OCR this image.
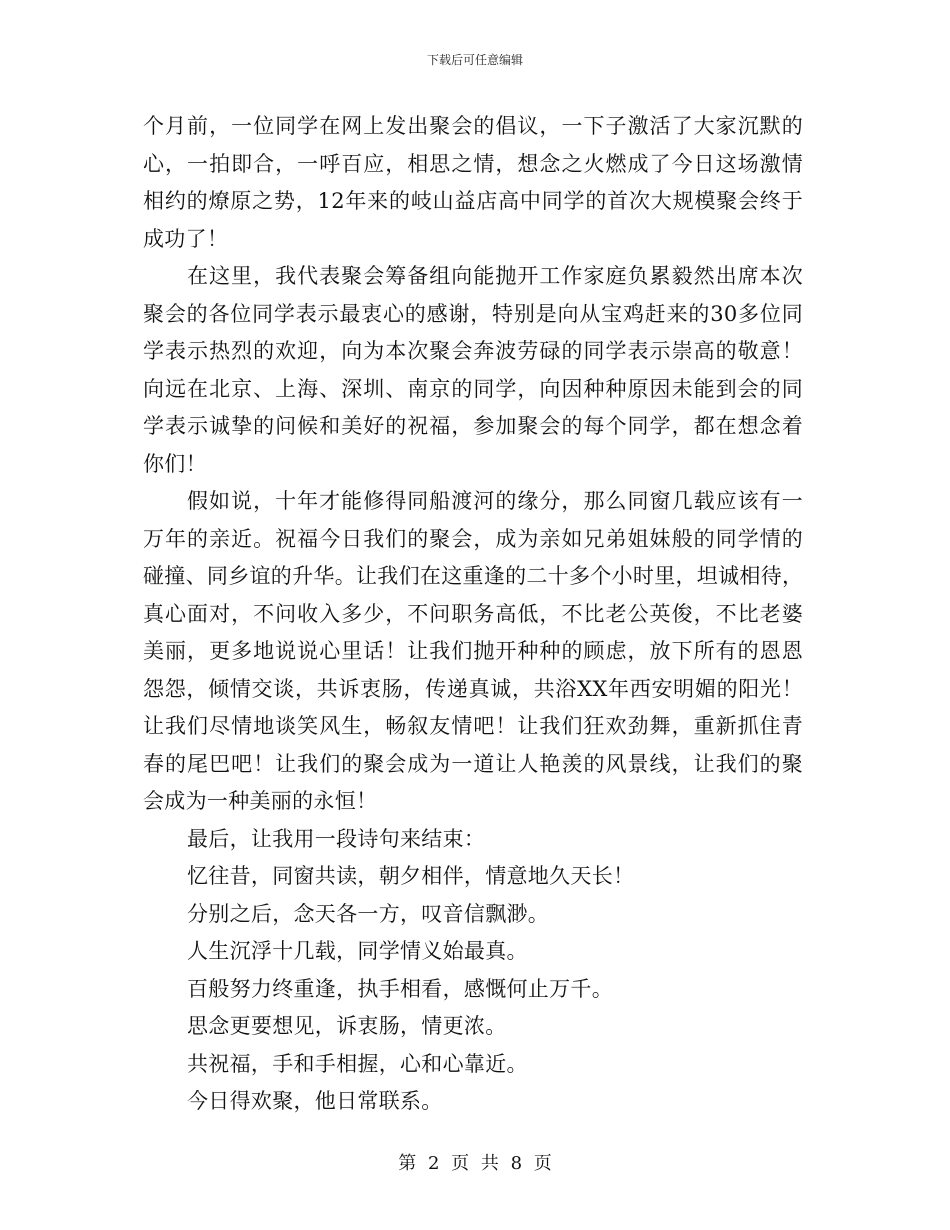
下载后可任意编辑
个月前，一位同学在网上发出聚会的倡议，一下子激活了大家沉默的
心，一拍即合，一呼百应，相思之情，想念之火燃成了今日这场激情
相约的燎原之势，12年来的岐山益店高中同学的首次大规模聚会终于
成功了！
在这里，我代表聚会筹备组向能抛开工作家庭负累毅然出席本次
聚会的各位同学表示最衷心的感谢，特别是向从宝鸡赶来的30多位同
学表示热烈的欢迎，向为本次聚会奔波劳碌的同学表示崇高的敬意！
向远在北京、上海、深圳、南京的同学，向因种种原因未能到会的同
学表示诚挚的问候和美好的祝福，参加聚会的每个同学，都在想念着
你们！
假如说，十年才能修得同船渡河的缘分，那么同窗几载应该有一
万年的亲近。祝福今日我们的聚会，成为亲如兄弟姐妹般的同学情的
碰撞、同乡谊的升华。让我们在这重逢的二十多个小时里，坦诚相待，
真心面对，不问收入多少，不问职务高低，不比老公英俊，不比老婆
美丽，更多地说说心里话！让我们抛开种种的顾虑，放下所有的恩恩
怨怨，倾情交谈，共诉衷肠，传递真诚，共浴XX年西安明媚的阳光！
让我们尽情地谈笑风生，畅叙友情吧！让我们狂欢劲舞，重新抓住青
春的尾巴吧！让我们的聚会成为一道让人艳羡的风景线，让我们的聚
会成为一种美丽的永恒！
最后，让我用一段诗句来结束：
忆往昔，同窗共读，朝夕相伴，情意地久天长！
分别之后，念天各一方，叹音信飘渺。
人生沉浮十几载，同学情义始最真。
百般努力终重逢，执手相看，感慨何止万千。
思念更要想见，诉衷肠，情更浓。
共祝福，手和手相握，心和心靠近。
今日得欢聚，他日常联系。
第 2 页 共 8 页
